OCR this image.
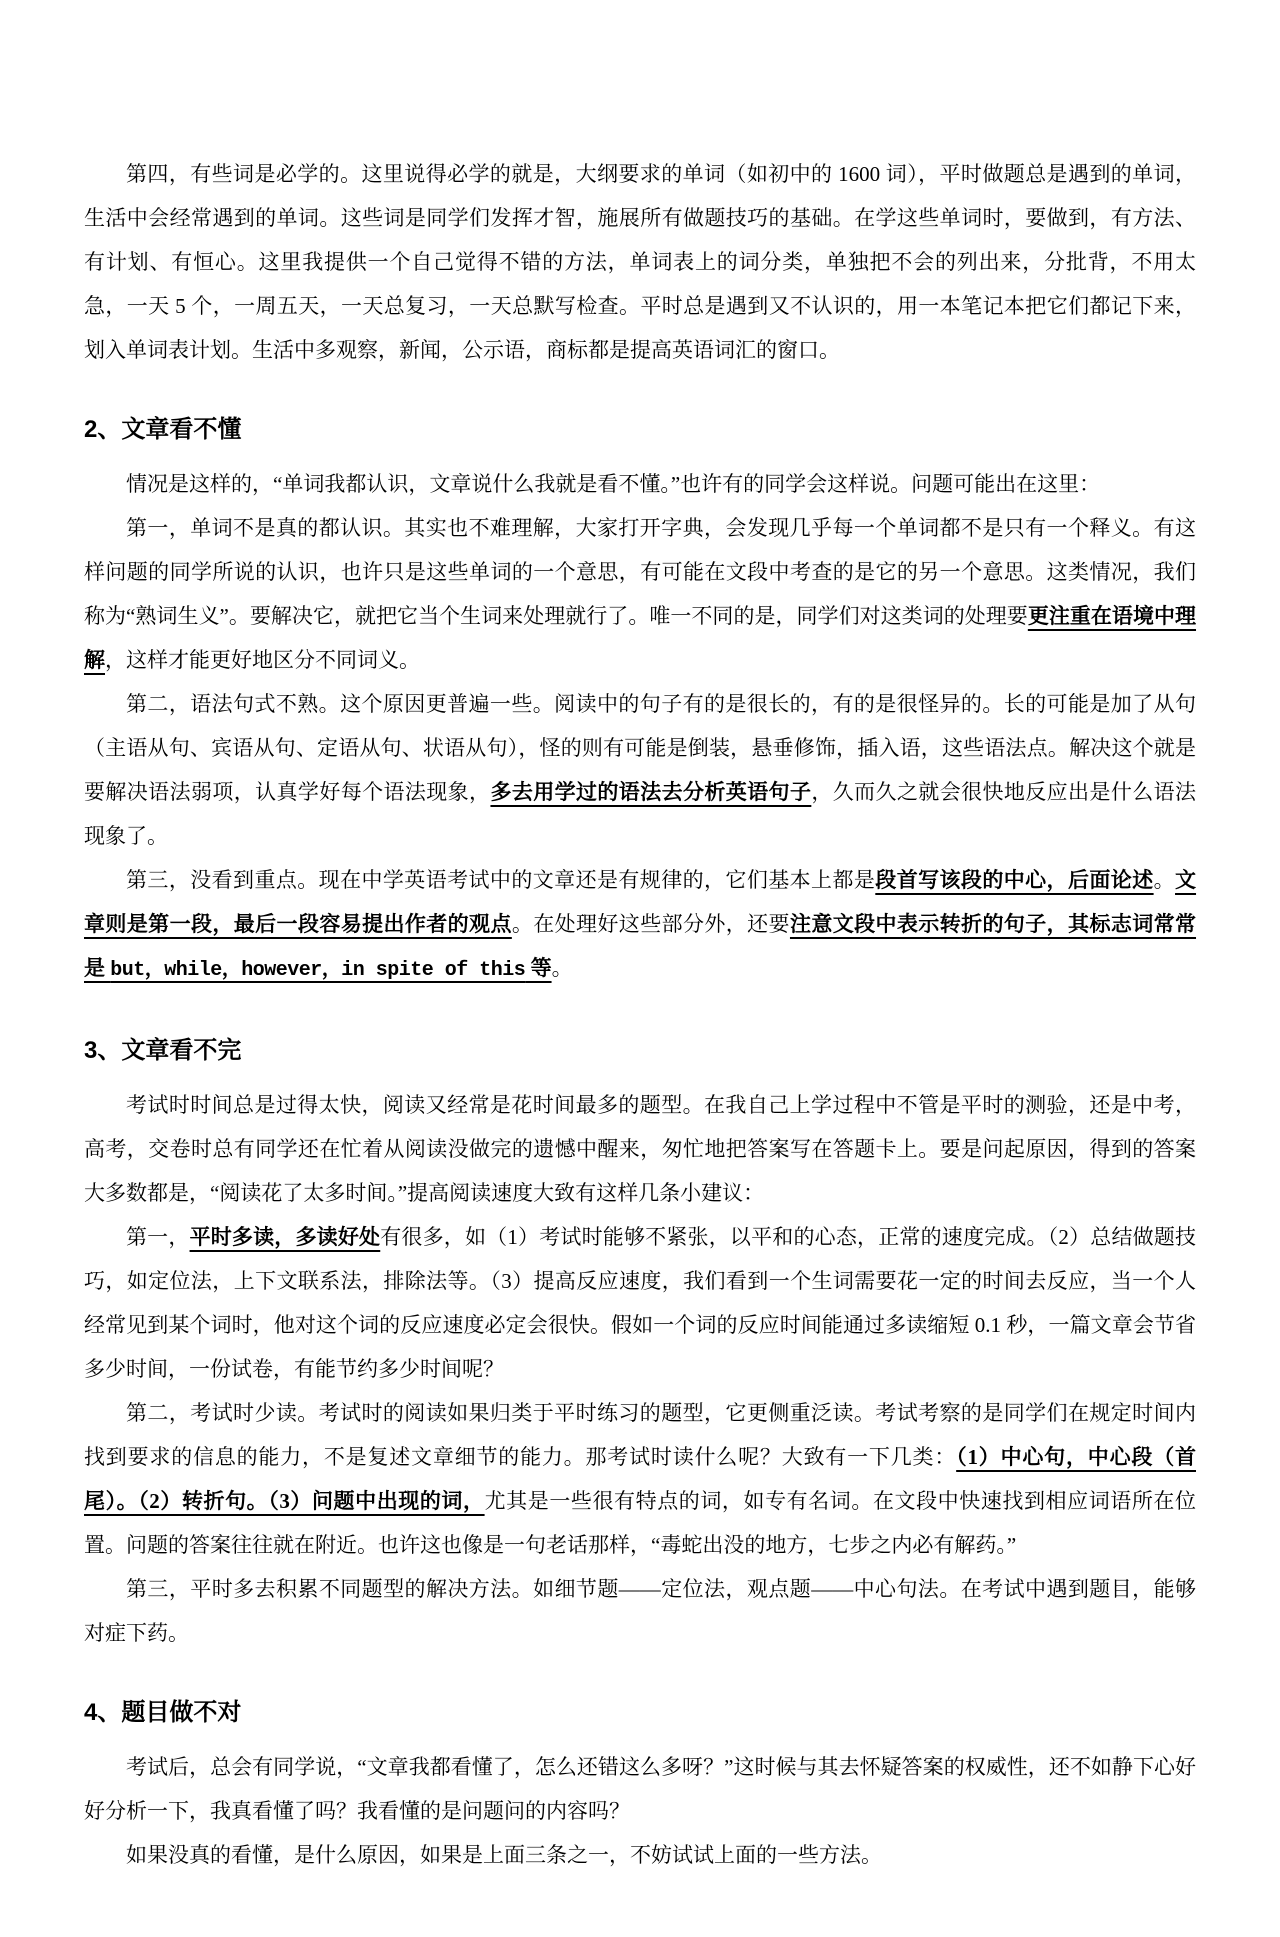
第四，有些词是必学的。这里说得必学的就是，大纲要求的单词（如初中的 1600 词），平时做题总是遇到的单词，生活中会经常遇到的单词。这些词是同学们发挥才智，施展所有做题技巧的基础。在学这些单词时，要做到，有方法、有计划、有恒心。这里我提供一个自己觉得不错的方法，单词表上的词分类，单独把不会的列出来，分批背，不用太急，一天 5 个，一周五天，一天总复习，一天总默写检查。平时总是遇到又不认识的，用一本笔记本把它们都记下来，划入单词表计划。生活中多观察，新闻，公示语，商标都是提高英语词汇的窗口。

2、文章看不懂

情况是这样的，“单词我都认识，文章说什么我就是看不懂。”也许有的同学会这样说。问题可能出在这里：

第一，单词不是真的都认识。其实也不难理解，大家打开字典，会发现几乎每一个单词都不是只有一个释义。有这样问题的同学所说的认识，也许只是这些单词的一个意思，有可能在文段中考查的是它的另一个意思。这类情况，我们称为“熟词生义”。要解决它，就把它当个生词来处理就行了。唯一不同的是，同学们对这类词的处理要更注重在语境中理解，这样才能更好地区分不同词义。

第二，语法句式不熟。这个原因更普遍一些。阅读中的句子有的是很长的，有的是很怪异的。长的可能是加了从句（主语从句、宾语从句、定语从句、状语从句），怪的则有可能是倒装，悬垂修饰，插入语，这些语法点。解决这个就是要解决语法弱项，认真学好每个语法现象，多去用学过的语法去分析英语句子，久而久之就会很快地反应出是什么语法现象了。

第三，没看到重点。现在中学英语考试中的文章还是有规律的，它们基本上都是段首写该段的中心，后面论述。文章则是第一段，最后一段容易提出作者的观点。在处理好这些部分外，还要注意文段中表示转折的句子，其标志词常常是 but，while，however，in spite of this 等。

3、文章看不完

考试时时间总是过得太快，阅读又经常是花时间最多的题型。在我自己上学过程中不管是平时的测验，还是中考，高考，交卷时总有同学还在忙着从阅读没做完的遗憾中醒来，匆忙地把答案写在答题卡上。要是问起原因，得到的答案大多数都是，“阅读花了太多时间。”提高阅读速度大致有这样几条小建议：

第一，平时多读，多读好处有很多，如（1）考试时能够不紧张，以平和的心态，正常的速度完成。（2）总结做题技巧，如定位法，上下文联系法，排除法等。（3）提高反应速度，我们看到一个生词需要花一定的时间去反应，当一个人经常见到某个词时，他对这个词的反应速度必定会很快。假如一个词的反应时间能通过多读缩短 0.1 秒，一篇文章会节省多少时间，一份试卷，有能节约多少时间呢？

第二，考试时少读。考试时的阅读如果归类于平时练习的题型，它更侧重泛读。考试考察的是同学们在规定时间内找到要求的信息的能力，不是复述文章细节的能力。那考试时读什么呢？大致有一下几类：（1）中心句，中心段（首尾）。（2）转折句。（3）问题中出现的词，尤其是一些很有特点的词，如专有名词。在文段中快速找到相应词语所在位置。问题的答案往往就在附近。也许这也像是一句老话那样，“毒蛇出没的地方，七步之内必有解药。”

第三，平时多去积累不同题型的解决方法。如细节题——定位法，观点题——中心句法。在考试中遇到题目，能够对症下药。

4、题目做不对

考试后，总会有同学说，“文章我都看懂了，怎么还错这么多呀？”这时候与其去怀疑答案的权威性，还不如静下心好好分析一下，我真看懂了吗？我看懂的是问题问的内容吗？

如果没真的看懂，是什么原因，如果是上面三条之一，不妨试试上面的一些方法。
